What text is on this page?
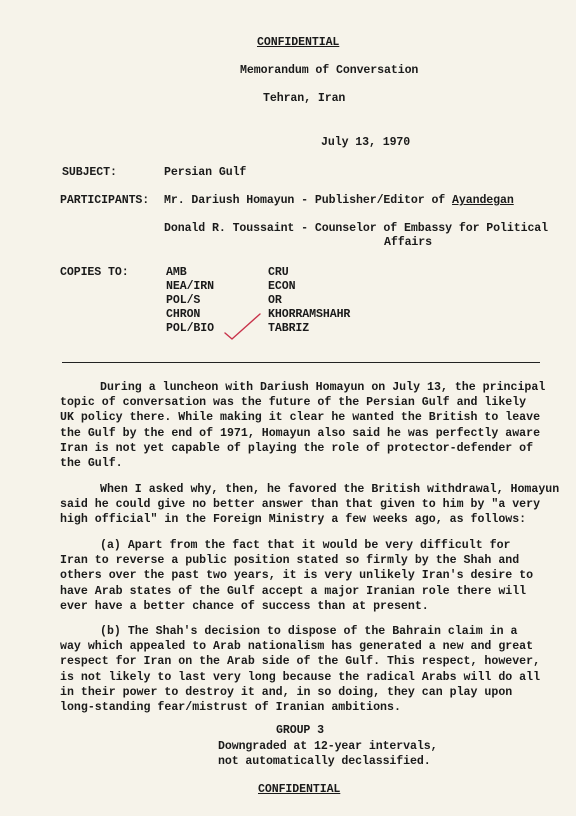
CONFIDENTIAL
Memorandum of Conversation
Tehran, Iran
July 13, 1970
SUBJECT:	Persian Gulf
PARTICIPANTS: Mr. Dariush Homayun - Publisher/Editor of Ayandegan
Donald R. Toussaint - Counselor of Embassy for Political
Affairs
COPIES TO:	AMB
NEA/IRN
POL/S
CHRON
POL/BIO
CRU
ECON
OR
KHORRAMSHAHR
TABRIZ
During a luncheon with Dariush Homayun on July 13, the principal
topic of conversation was the future of the Persian Gulf and likely
UK policy there. While making it clear he wanted the British to leave
the Gulf by the end of 1971, Homayun also said he was perfectly aware
Iran is not yet capable of playing the role of protector-defender of
the Gulf.
When I asked why, then, he favored the British withdrawal, Homayun
said he could give no better answer than that given to him by "a very
high official" in the Foreign Ministry a few weeks ago, as follows:
(a) Apart from the fact that it would be very difficult for
Iran to reverse a public position stated so firmly by the Shah and
others over the past two years, it is very unlikely Iran's desire to
have Arab states of the Gulf accept a major Iranian role there will
ever have a better chance of success than at present.
(b) The Shah's decision to dispose of the Bahrain claim in a
way which appealed to Arab nationalism has generated a new and great
respect for Iran on the Arab side of the Gulf. This respect, however,
is not likely to last very long because the radical Arabs will do all
in their power to destroy it and, in so doing, they can play upon
long-standing fear/mistrust of Iranian ambitions.
GROUP 3
Downgraded at 12-year intervals,
not automatically declassified.
CONFIDENTIAL
